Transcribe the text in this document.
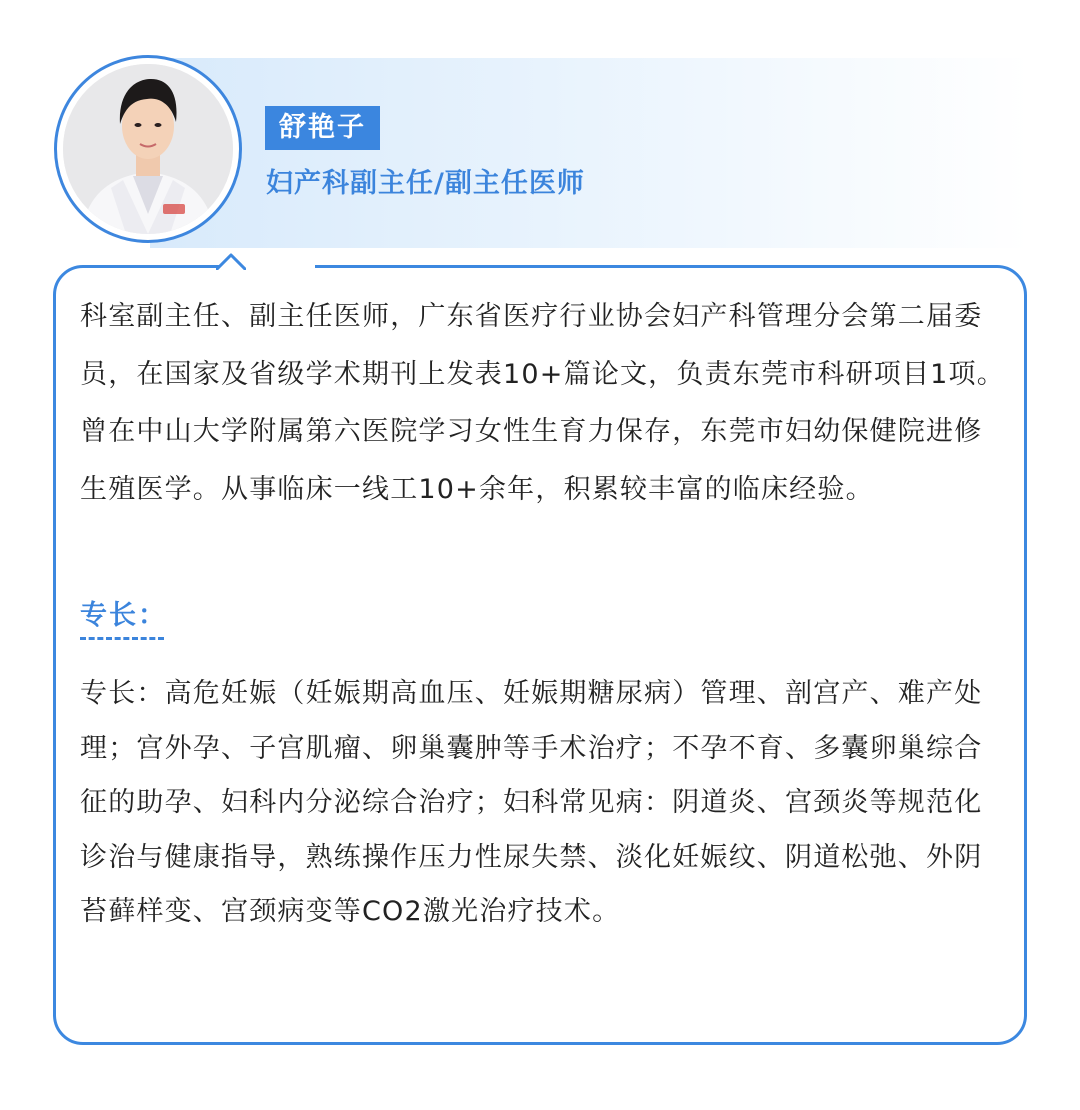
舒艳子
妇产科副主任/副主任医师

科室副主任、副主任医师，广东省医疗行业协会妇产科管理分会第二届委员，在国家及省级学术期刊上发表10+篇论文，负责东莞市科研项目1项。曾在中山大学附属第六医院学习女性生育力保存，东莞市妇幼保健院进修生殖医学。从事临床一线工10+余年，积累较丰富的临床经验。

专长：

专长：高危妊娠（妊娠期高血压、妊娠期糖尿病）管理、剖宫产、难产处理；宫外孕、子宫肌瘤、卵巢囊肿等手术治疗；不孕不育、多囊卵巢综合征的助孕、妇科内分泌综合治疗；妇科常见病：阴道炎、宫颈炎等规范化诊治与健康指导，熟练操作压力性尿失禁、淡化妊娠纹、阴道松弛、外阴苔藓样变、宫颈病变等CO2激光治疗技术。
